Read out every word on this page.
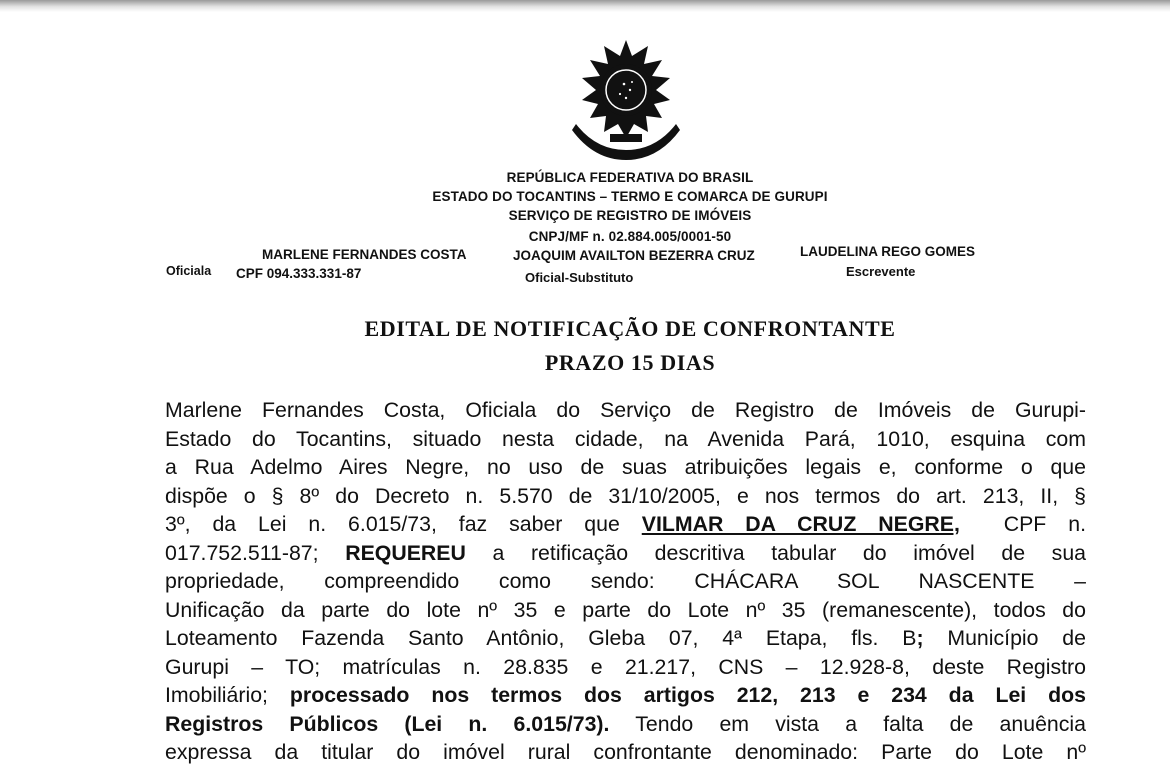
REPÚBLICA FEDERATIVA DO BRASIL
ESTADO DO TOCANTINS – TERMO E COMARCA DE GURUPI
SERVIÇO DE REGISTRO DE IMÓVEIS
CNPJ/MF n. 02.884.005/0001-50
MARLENE FERNANDES COSTA
Oficiala CPF 094.333.331-87
JOAQUIM AVAILTON BEZERRA CRUZ
Oficial-Substituto
LAUDELINA REGO GOMES
Escrevente
EDITAL DE NOTIFICAÇÃO DE CONFRONTANTE
PRAZO 15 DIAS
Marlene Fernandes Costa, Oficiala do Serviço de Registro de Imóveis de Gurupi-
Estado do Tocantins, situado nesta cidade, na Avenida Pará, 1010, esquina com
a Rua Adelmo Aires Negre, no uso de suas atribuições legais e, conforme o que
dispõe o § 8º do Decreto n. 5.570 de 31/10/2005, e nos termos do art. 213, II, §
3º, da Lei n. 6.015/73, faz saber que VILMAR DA CRUZ NEGRE, CPF n.
017.752.511-87; REQUEREU a retificação descritiva tabular do imóvel de sua
propriedade, compreendido como sendo: CHÁCARA SOL NASCENTE –
Unificação da parte do lote nº 35 e parte do Lote nº 35 (remanescente), todos do
Loteamento Fazenda Santo Antônio, Gleba 07, 4ª Etapa, fls. B; Município de
Gurupi – TO; matrículas n. 28.835 e 21.217, CNS – 12.928-8, deste Registro
Imobiliário; processado nos termos dos artigos 212, 213 e 234 da Lei dos
Registros Públicos (Lei n. 6.015/73). Tendo em vista a falta de anuência
expressa da titular do imóvel rural confrontante denominado: Parte do Lote nº
